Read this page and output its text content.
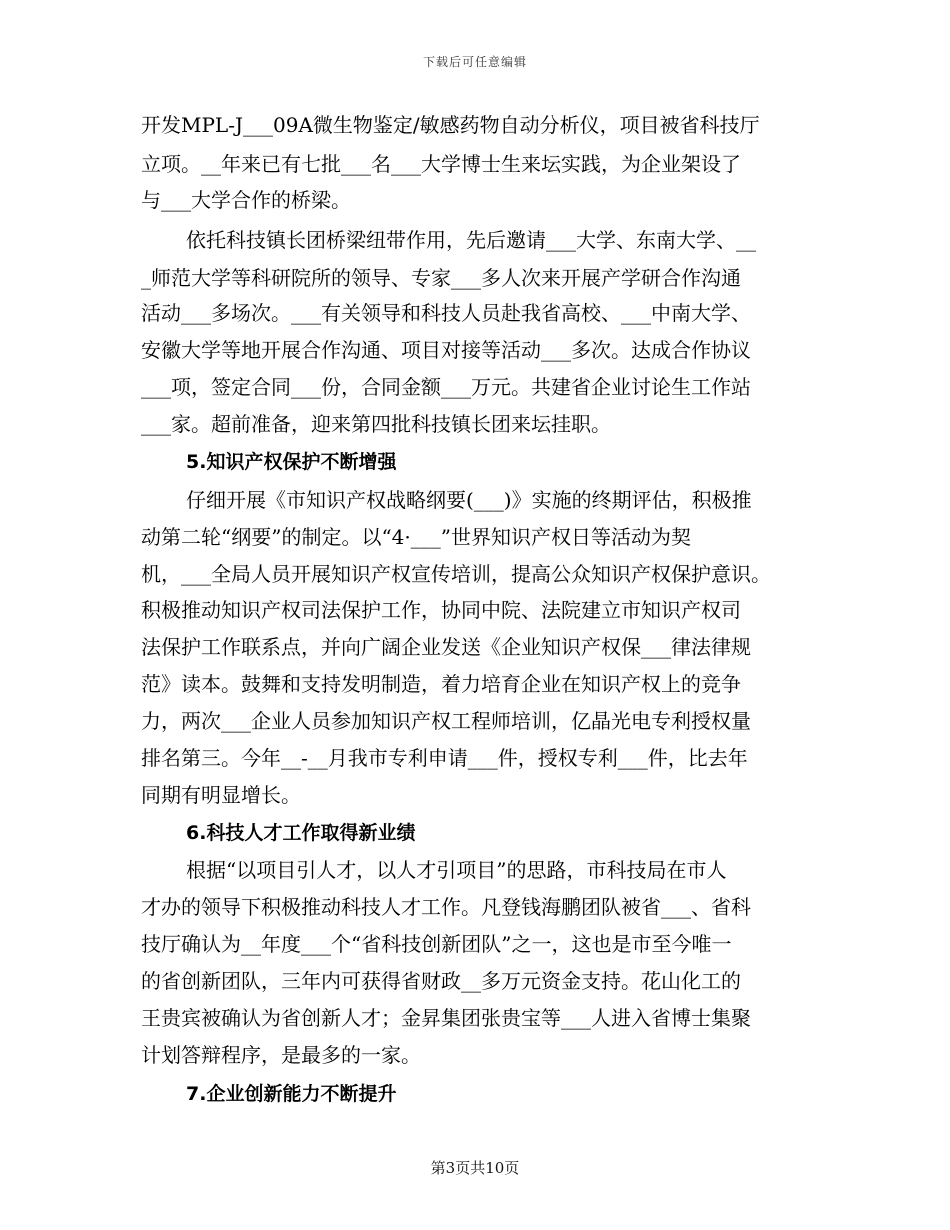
下载后可任意编辑
开发MPL-J___09A微生物鉴定/敏感药物自动分析仪，项目被省科技厅
立项。__年来已有七批___名___大学博士生来坛实践，为企业架设了
与___大学合作的桥梁。
依托科技镇长团桥梁纽带作用，先后邀请___大学、东南大学、__
_师范大学等科研院所的领导、专家___多人次来开展产学研合作沟通
活动___多场次。___有关领导和科技人员赴我省高校、___中南大学、
安徽大学等地开展合作沟通、项目对接等活动___多次。达成合作协议
___项，签定合同___份，合同金额___万元。共建省企业讨论生工作站
___家。超前准备，迎来第四批科技镇长团来坛挂职。
5.知识产权保护不断增强
仔细开展《市知识产权战略纲要(___)》实施的终期评估，积极推
动第二轮“纲要”的制定。以“4·___”世界知识产权日等活动为契
机，___全局人员开展知识产权宣传培训，提高公众知识产权保护意识。
积极推动知识产权司法保护工作，协同中院、法院建立市知识产权司
法保护工作联系点，并向广阔企业发送《企业知识产权保___律法律规
范》读本。鼓舞和支持发明制造，着力培育企业在知识产权上的竞争
力，两次___企业人员参加知识产权工程师培训，亿晶光电专利授权量
排名第三。今年__-__月我市专利申请___件，授权专利___件，比去年
同期有明显增长。
6.科技人才工作取得新业绩
根据“以项目引人才，以人才引项目”的思路，市科技局在市人
才办的领导下积极推动科技人才工作。凡登钱海鹏团队被省___、省科
技厅确认为__年度___个“省科技创新团队”之一，这也是市至今唯一
的省创新团队，三年内可获得省财政__多万元资金支持。花山化工的
王贵宾被确认为省创新人才；金昇集团张贵宝等___人进入省博士集聚
计划答辩程序，是最多的一家。
7.企业创新能力不断提升
第3页共10页
